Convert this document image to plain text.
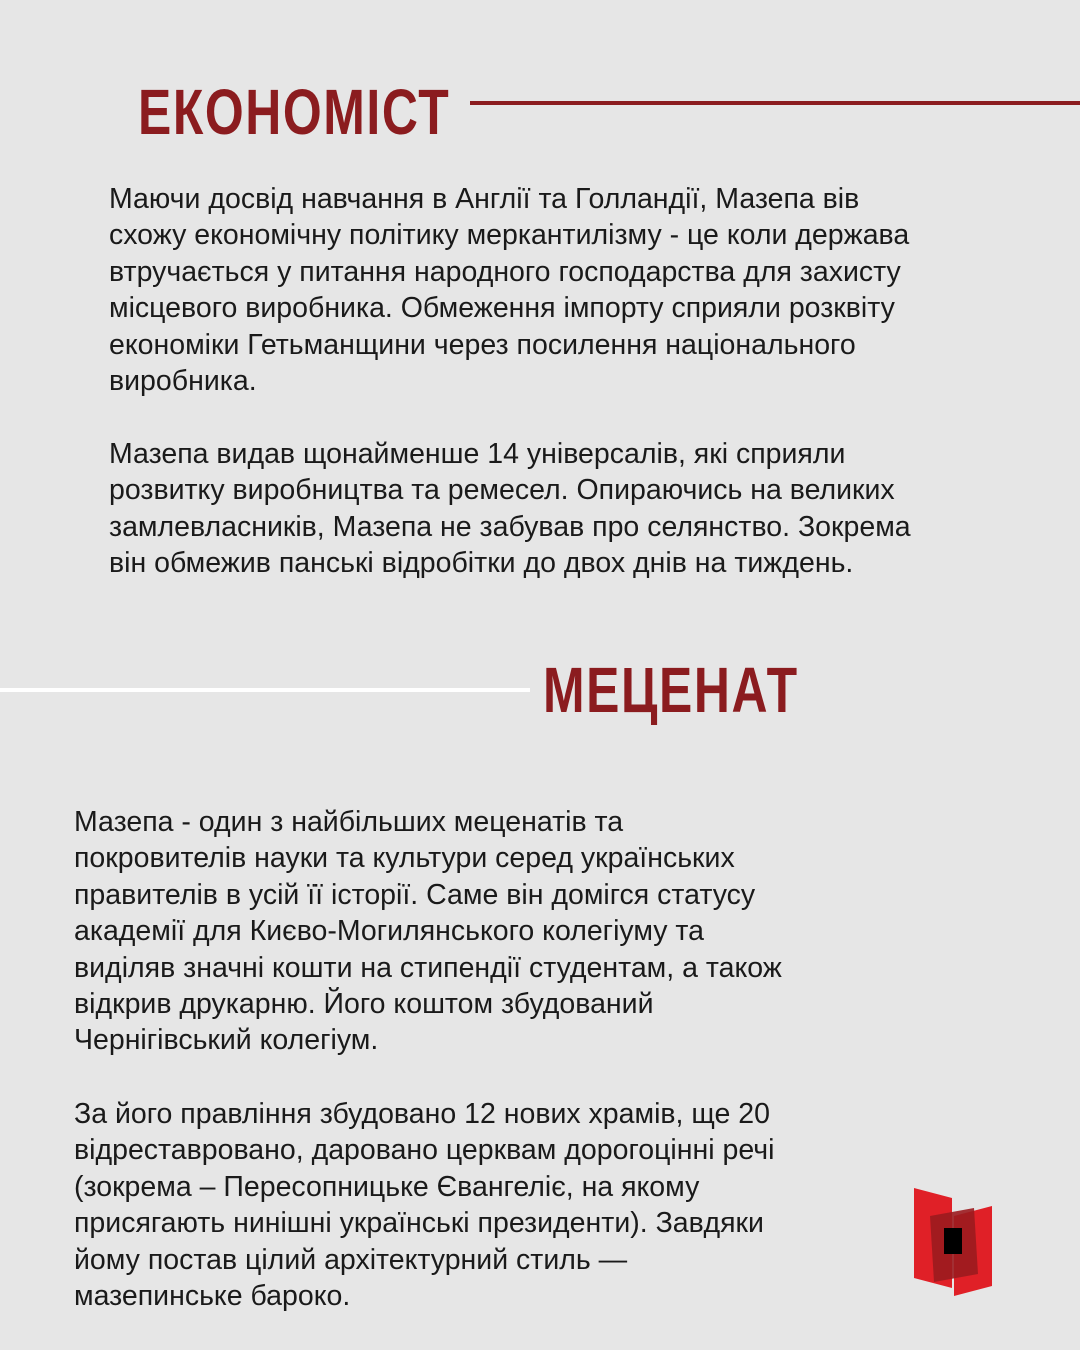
ЕКОНОМІСТ

Маючи досвід навчання в Англії та Голландії, Мазепа вів
схожу економічну політику меркантилізму - це коли держава
втручається у питання народного господарства для захисту
місцевого виробника. Обмеження імпорту сприяли розквіту
економіки Гетьманщини через посилення національного
виробника.

Мазепа видав щонайменше 14 універсалів, які сприяли
розвитку виробництва та ремесел. Опираючись на великих
замлевласників, Мазепа не забував про селянство. Зокрема
він обмежив панські відробітки до двох днів на тиждень.

МЕЦЕНАТ

Мазепа - один з найбільших меценатів та
покровителів науки та культури серед українських
правителів в усій її історії. Саме він домігся статусу
академії для Києво-Могилянського колегіуму та
виділяв значні кошти на стипендії студентам, а також
відкрив друкарню. Його коштом збудований
Чернігівський колегіум.

За його правління збудовано 12 нових храмів, ще 20
відреставровано, даровано церквам дорогоцінні речі
(зокрема – Пересопницьке Євангеліє, на якому
присягають нинішні українські президенти). Завдяки
йому постав цілий архітектурний стиль —
мазепинське бароко.
